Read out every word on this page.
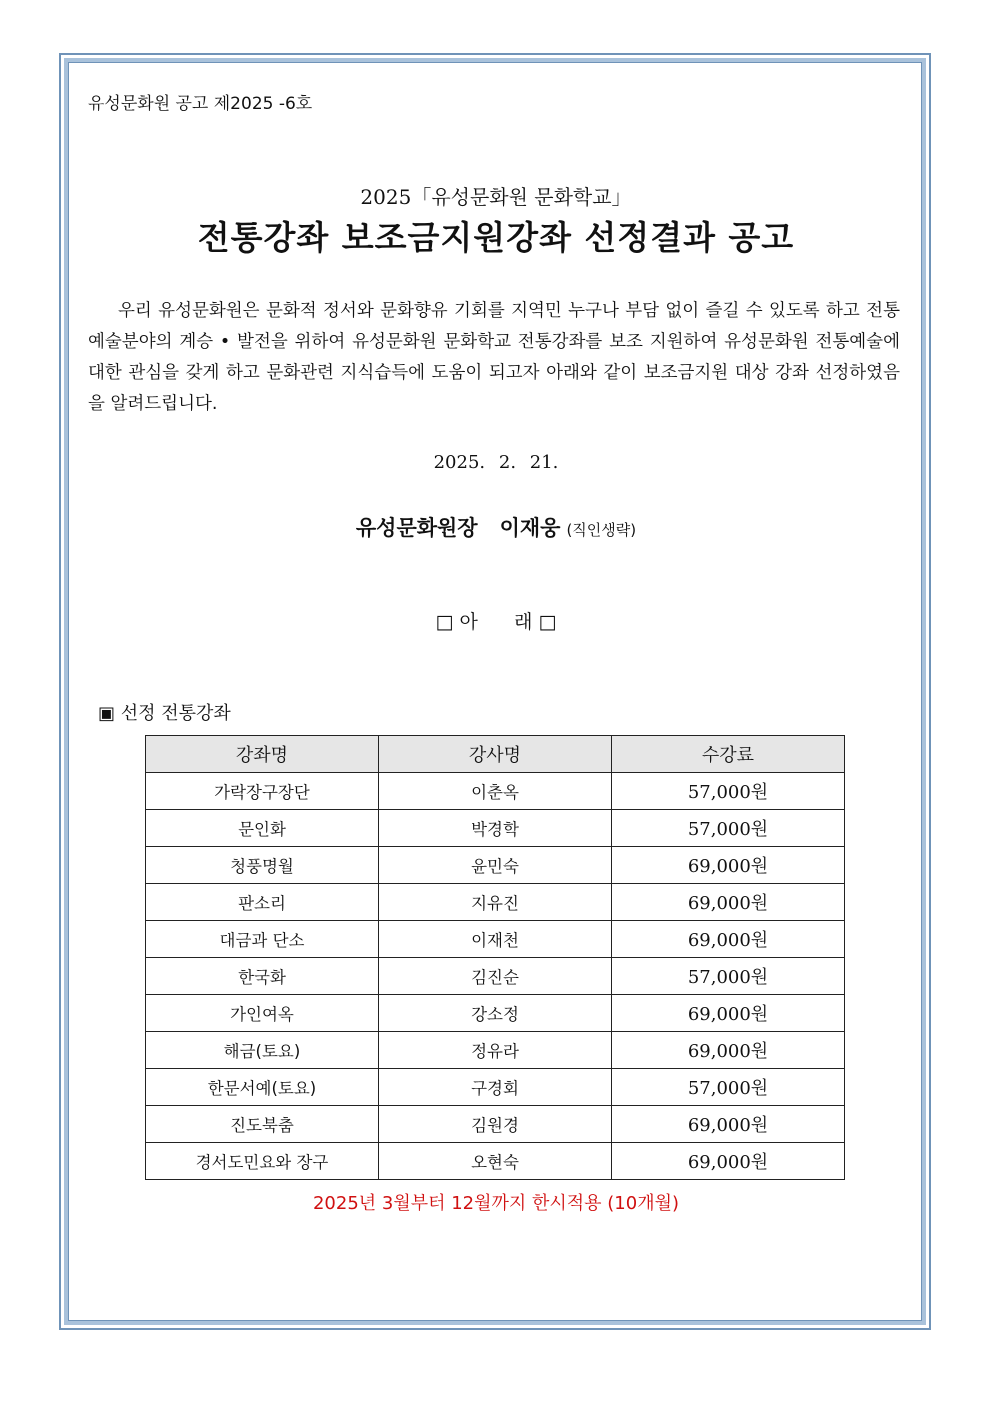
유성문화원 공고 제2025 -6호
2025「유성문화원 문화학교」
전통강좌 보조금지원강좌 선정결과 공고
우리 유성문화원은 문화적 정서와 문화향유 기회를 지역민 누구나 부담 없이 즐길 수 있도록 하고 전통예술분야의 계승 • 발전을 위하여 유성문화원 문화학교 전통강좌를 보조 지원하여 유성문화원 전통예술에 대한 관심을 갖게 하고 문화관련 지식습득에 도움이 되고자 아래와 같이 보조금지원 대상 강좌 선정하였음을 알려드립니다.
2025. 2. 21.
유성문화원장 이재웅 (직인생략)
□ 아      래 □
▣ 선정 전통강좌
강좌명	강사명	수강료
가락장구장단	이춘옥	57,000원
문인화	박경학	57,000원
청풍명월	윤민숙	69,000원
판소리	지유진	69,000원
대금과 단소	이재천	69,000원
한국화	김진순	57,000원
가인여옥	강소정	69,000원
해금(토요)	정유라	69,000원
한문서예(토요)	구경회	57,000원
진도북춤	김원경	69,000원
경서도민요와 장구	오현숙	69,000원
2025년 3월부터 12월까지 한시적용 (10개월)
